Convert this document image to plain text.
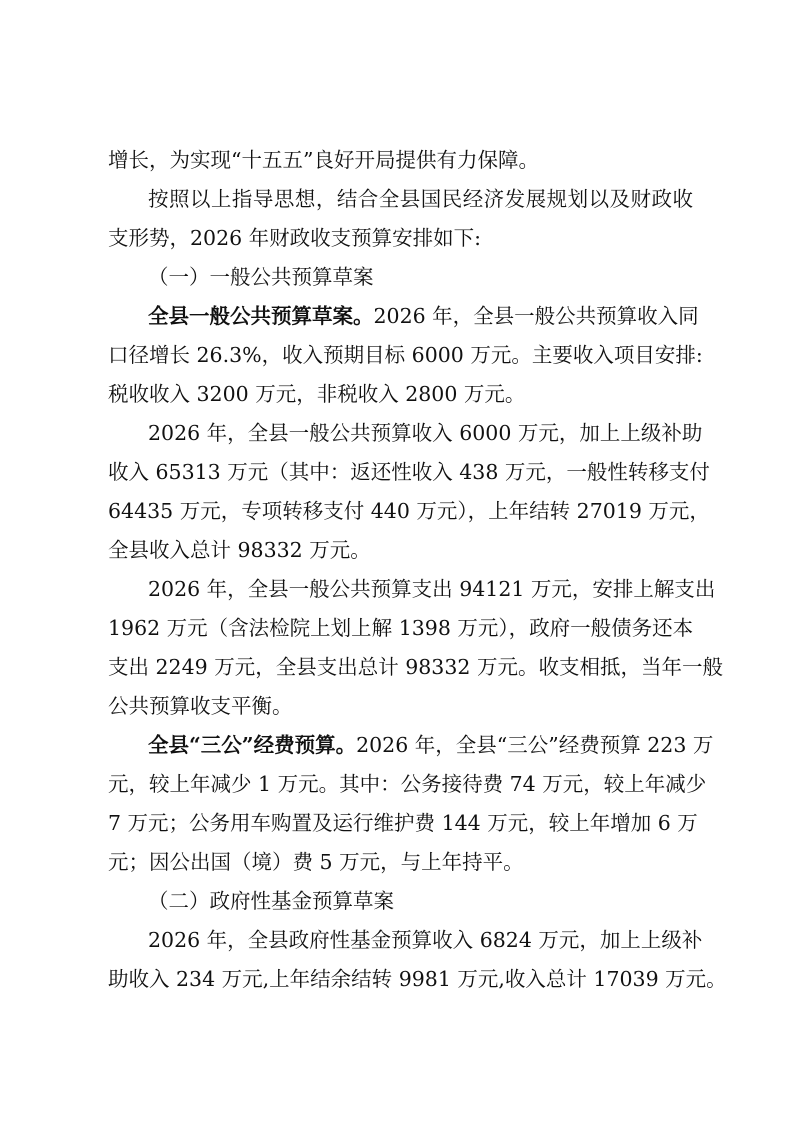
增长，为实现“十五五”良好开局提供有力保障。
按照以上指导思想，结合全县国民经济发展规划以及财政收
支形势，2026 年财政收支预算安排如下:
（一）一般公共预算草案
全县一般公共预算草案。2026 年，全县一般公共预算收入同
口径增长 26.3%，收入预期目标 6000 万元。主要收入项目安排:
税收收入 3200 万元，非税收入 2800 万元。
2026 年，全县一般公共预算收入 6000 万元，加上上级补助
收入 65313 万元（其中：返还性收入 438 万元，一般性转移支付
64435 万元，专项转移支付 440 万元），上年结转 27019 万元，
全县收入总计 98332 万元。
2026 年，全县一般公共预算支出 94121 万元，安排上解支出
1962 万元（含法检院上划上解 1398 万元），政府一般债务还本
支出 2249 万元，全县支出总计 98332 万元。收支相抵，当年一般
公共预算收支平衡。
全县“三公”经费预算。2026 年，全县“三公”经费预算 223 万
元，较上年减少 1 万元。其中：公务接待费 74 万元，较上年减少
7 万元；公务用车购置及运行维护费 144 万元，较上年增加 6 万
元；因公出国（境）费 5 万元，与上年持平。
（二）政府性基金预算草案
2026 年，全县政府性基金预算收入 6824 万元，加上上级补
助收入 234 万元,上年结余结转 9981 万元,收入总计 17039 万元。
